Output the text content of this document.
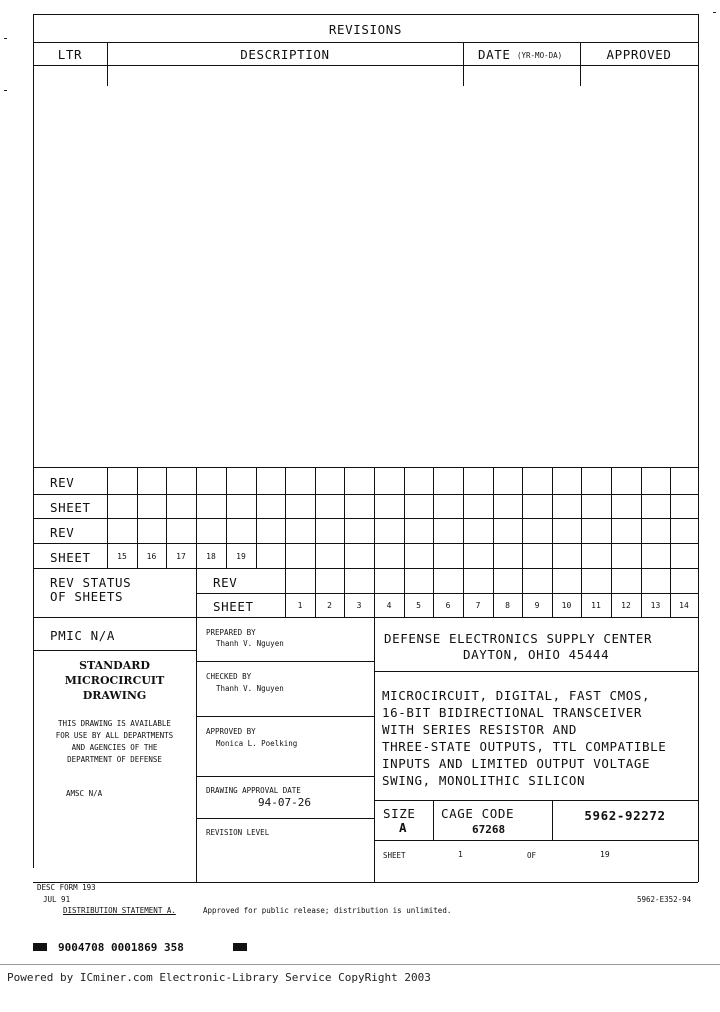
REVISIONS
LTR	DESCRIPTION	DATE (YR-MO-DA)	APPROVED
REV
SHEET
REV
SHEET	15	16	17	18	19
REV STATUS
OF SHEETS
REV
SHEET	1	2	3	4	5	6	7	8	9	10	11	12	13	14
PMIC N/A
STANDARD
MICROCIRCUIT
DRAWING
THIS DRAWING IS AVAILABLE
FOR USE BY ALL DEPARTMENTS
AND AGENCIES OF THE
DEPARTMENT OF DEFENSE
AMSC N/A
PREPARED BY
Thanh V. Nguyen
CHECKED BY
Thanh V. Nguyen
APPROVED BY
Monica L. Poelking
DRAWING APPROVAL DATE
94-07-26
REVISION LEVEL
DEFENSE ELECTRONICS SUPPLY CENTER
DAYTON, OHIO 45444
MICROCIRCUIT, DIGITAL, FAST CMOS,
16-BIT BIDIRECTIONAL TRANSCEIVER
WITH SERIES RESISTOR AND
THREE-STATE OUTPUTS, TTL COMPATIBLE
INPUTS AND LIMITED OUTPUT VOLTAGE
SWING, MONOLITHIC SILICON
SIZE
A
CAGE CODE
67268
5962-92272
SHEET	1	OF	19
DESC FORM 193
JUL 91
DISTRIBUTION STATEMENT A.	Approved for public release; distribution is unlimited.
5962-E352-94
9004708 0001869 358
Powered by ICminer.com Electronic-Library Service CopyRight 2003
